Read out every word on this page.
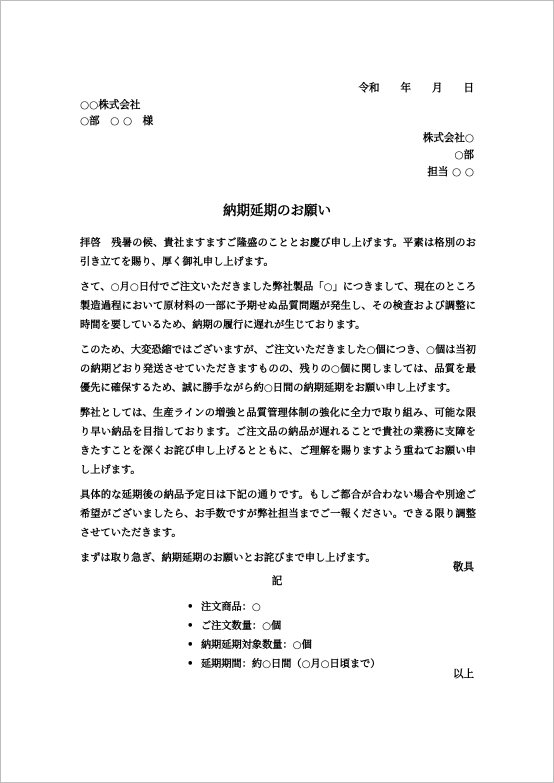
令和　　年　　月　　日
○○株式会社
○部　○ ○　様
株式会社○
○部
担当 ○ ○
納期延期のお願い

拝啓　残暑の候、貴社ますますご隆盛のこととお慶び申し上げます。平素は格別のお引き立てを賜り、厚く御礼申し上げます。

さて、○月○日付でご注文いただきました弊社製品「○」につきまして、現在のところ製造過程において原材料の一部に予期せぬ品質問題が発生し、その検査および調整に時間を要しているため、納期の履行に遅れが生じております。

このため、大変恐縮ではございますが、ご注文いただきました○個につき、○個は当初の納期どおり発送させていただきますものの、残りの○個に関しましては、品質を最優先に確保するため、誠に勝手ながら約○日間の納期延期をお願い申し上げます。

弊社としては、生産ラインの増強と品質管理体制の強化に全力で取り組み、可能な限り早い納品を目指しております。ご注文品の納品が遅れることで貴社の業務に支障をきたすことを深くお詫び申し上げるとともに、ご理解を賜りますよう重ねてお願い申し上げます。

具体的な延期後の納品予定日は下記の通りです。もしご都合が合わない場合や別途ご希望がございましたら、お手数ですが弊社担当までご一報ください。できる限り調整させていただきます。

まずは取り急ぎ、納期延期のお願いとお詫びまで申し上げます。

敬具
記
• 注文商品：○
• ご注文数量：○個
• 納期延期対象数量：○個
• 延期期間：約○日間（○月○日頃まで）
以上
